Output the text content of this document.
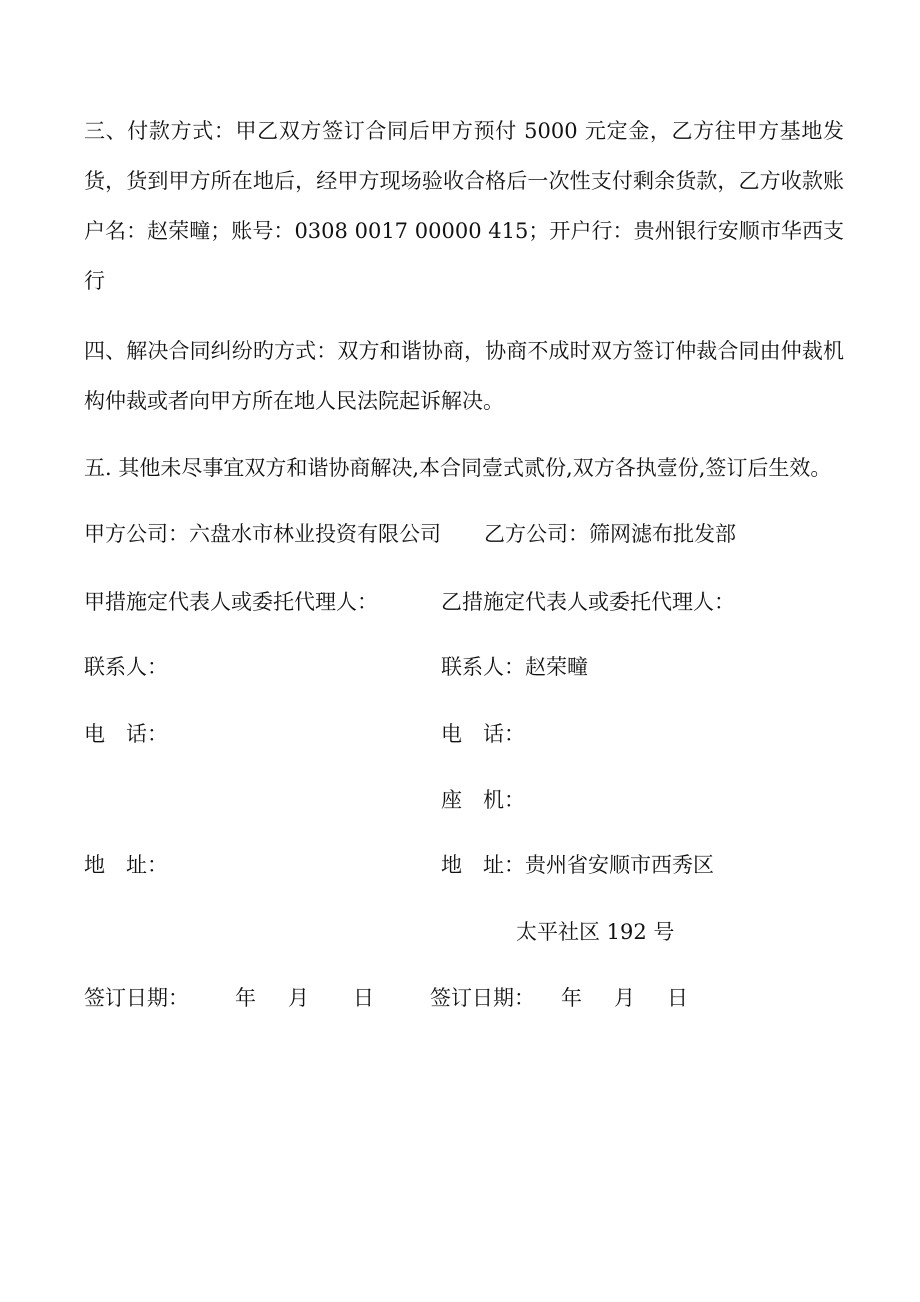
三、付款方式：甲乙双方签订合同后甲方预付 5000 元定金，乙方往甲方基地发货，货到甲方所在地后，经甲方现场验收合格后一次性支付剩余货款，乙方收款账户名：赵荣疃；账号：0308 0017 00000 415；开户行：贵州银行安顺市华西支行

四、解决合同纠纷旳方式：双方和谐协商，协商不成时双方签订仲裁合同由仲裁机构仲裁或者向甲方所在地人民法院起诉解决。

五. 其他未尽事宜双方和谐协商解决,本合同壹式贰份,双方各执壹份,签订后生效。

甲方公司：六盘水市林业投资有限公司 乙方公司：筛网滤布批发部

甲措施定代表人或委托代理人：	乙措施定代表人或委托代理人：

联系人：	联系人：赵荣疃

电　话：	电　话：

座　机：

地　址：	地　址：贵州省安顺市西秀区

太平社区 192 号

签订日期： 年 月 日	签订日期： 年 月 日
